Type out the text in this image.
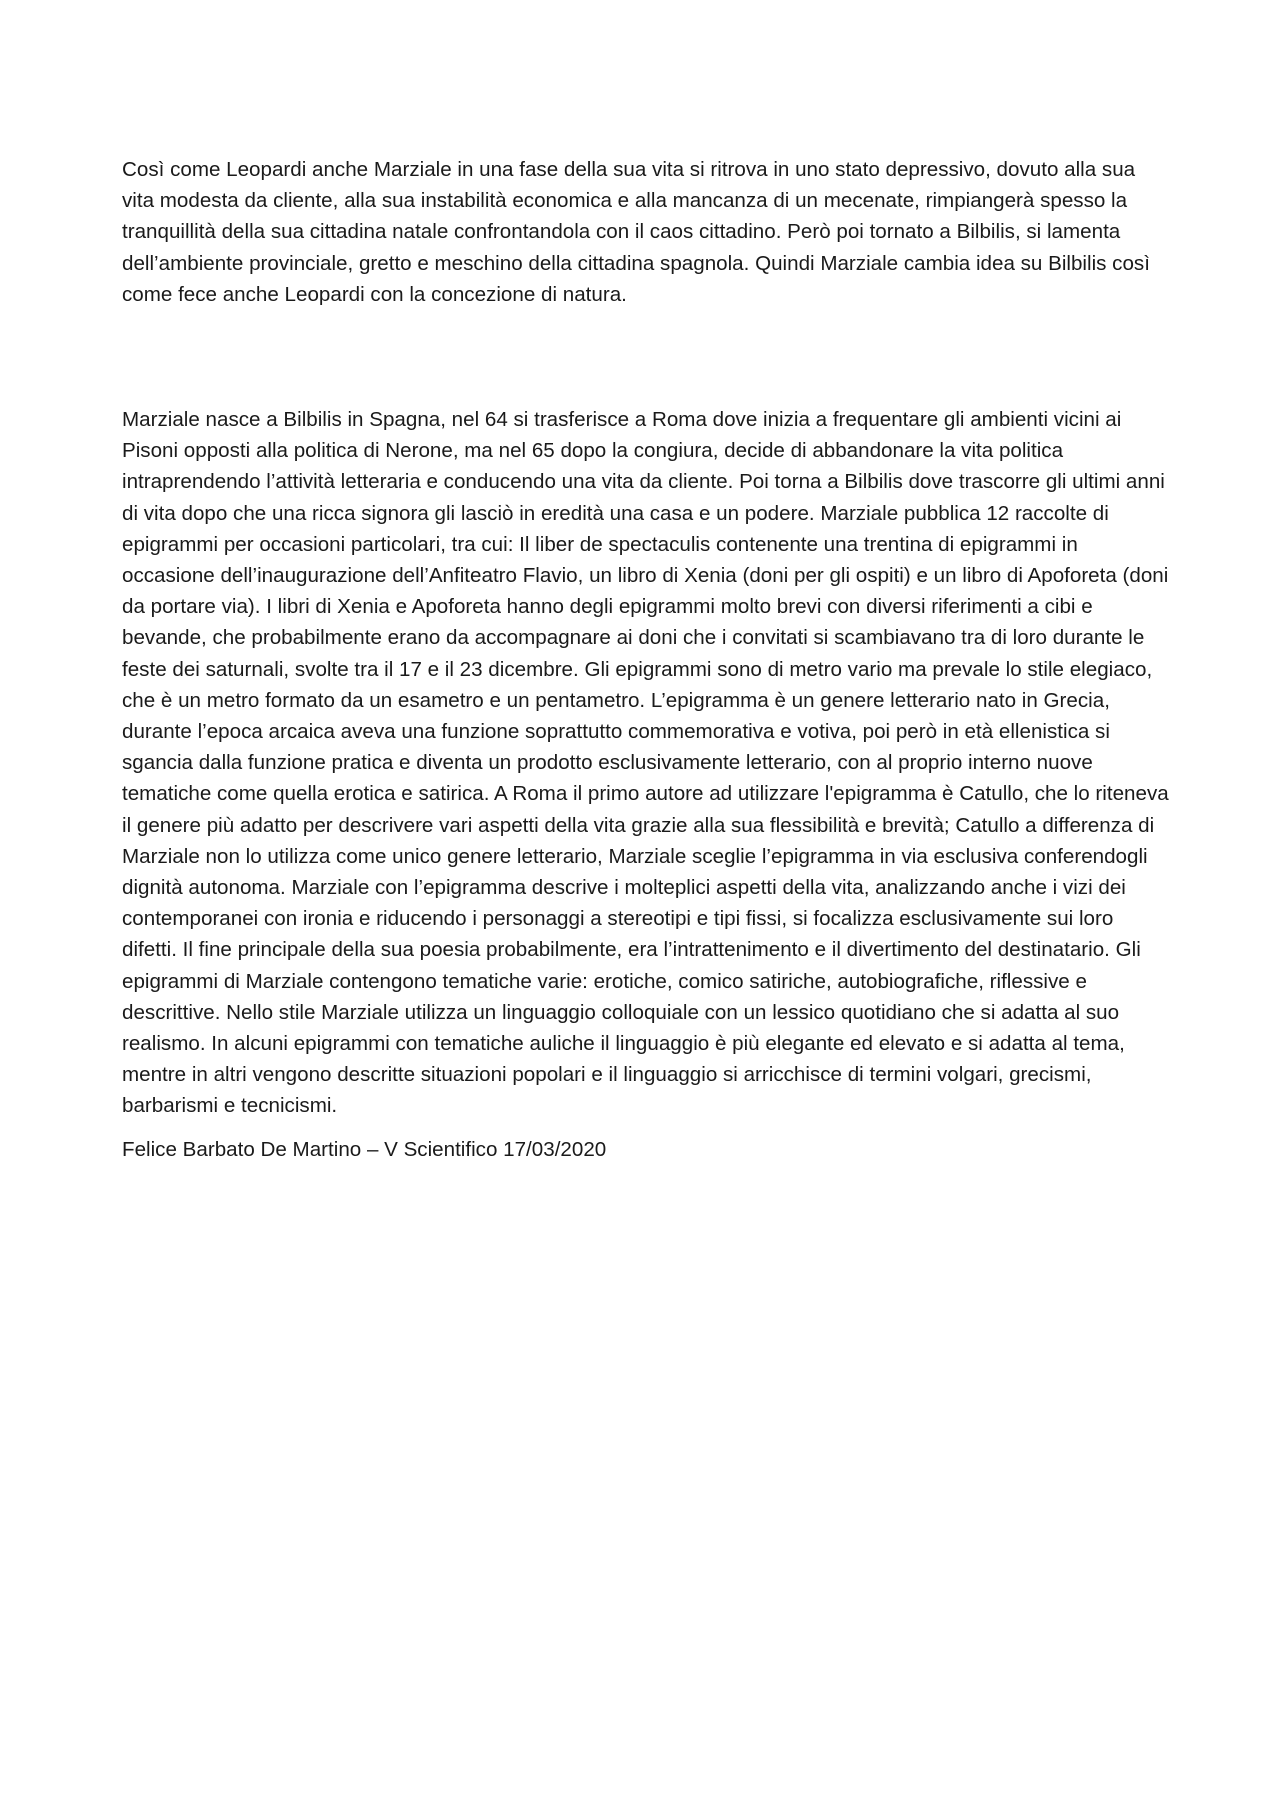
Così come Leopardi anche Marziale in una fase della sua vita si ritrova in uno stato depressivo, dovuto alla sua vita modesta da cliente, alla sua instabilità economica e alla mancanza di un mecenate, rimpiangerà spesso la tranquillità della sua cittadina natale confrontandola con il caos cittadino. Però poi tornato a Bilbilis, si lamenta dell’ambiente provinciale, gretto e meschino della cittadina spagnola. Quindi Marziale cambia idea su Bilbilis così come fece anche Leopardi con la concezione di natura.

Marziale nasce a Bilbilis in Spagna, nel 64 si trasferisce a Roma dove inizia a frequentare gli ambienti vicini ai Pisoni opposti alla politica di Nerone, ma nel 65 dopo la congiura, decide di abbandonare la vita politica intraprendendo l’attività letteraria e conducendo una vita da cliente. Poi torna a Bilbilis dove trascorre gli ultimi anni di vita dopo che una ricca signora gli lasciò in eredità una casa e un podere. Marziale pubblica 12 raccolte di epigrammi per occasioni particolari, tra cui: Il liber de spectaculis contenente una trentina di epigrammi in occasione dell’inaugurazione dell’Anfiteatro Flavio, un libro di Xenia (doni per gli ospiti) e un libro di Apoforeta (doni da portare via). I libri di Xenia e Apoforeta hanno degli epigrammi molto brevi con diversi riferimenti a cibi e bevande, che probabilmente erano da accompagnare ai doni che i convitati si scambiavano tra di loro durante le feste dei saturnali, svolte tra il 17 e il 23 dicembre. Gli epigrammi sono di metro vario ma prevale lo stile elegiaco, che è un metro formato da un esametro e un pentametro. L’epigramma è un genere letterario nato in Grecia, durante l’epoca arcaica aveva una funzione soprattutto commemorativa e votiva, poi però in età ellenistica si sgancia dalla funzione pratica e diventa un prodotto esclusivamente letterario, con al proprio interno nuove tematiche come quella erotica e satirica. A Roma il primo autore ad utilizzare l'epigramma è Catullo, che lo riteneva il genere più adatto per descrivere vari aspetti della vita grazie alla sua flessibilità e brevità; Catullo a differenza di Marziale non lo utilizza come unico genere letterario, Marziale sceglie l’epigramma in via esclusiva conferendogli dignità autonoma. Marziale con l’epigramma descrive i molteplici aspetti della vita, analizzando anche i vizi dei contemporanei con ironia e riducendo i personaggi a stereotipi e tipi fissi, si focalizza esclusivamente sui loro difetti. Il fine principale della sua poesia probabilmente, era l’intrattenimento e il divertimento del destinatario. Gli epigrammi di Marziale contengono tematiche varie: erotiche, comico satiriche, autobiografiche, riflessive e descrittive. Nello stile Marziale utilizza un linguaggio colloquiale con un lessico quotidiano che si adatta al suo realismo. In alcuni epigrammi con tematiche auliche il linguaggio è più elegante ed elevato e si adatta al tema, mentre in altri vengono descritte situazioni popolari e il linguaggio si arricchisce di termini volgari, grecismi, barbarismi e tecnicismi.

Felice Barbato De Martino – V Scientifico 17/03/2020
